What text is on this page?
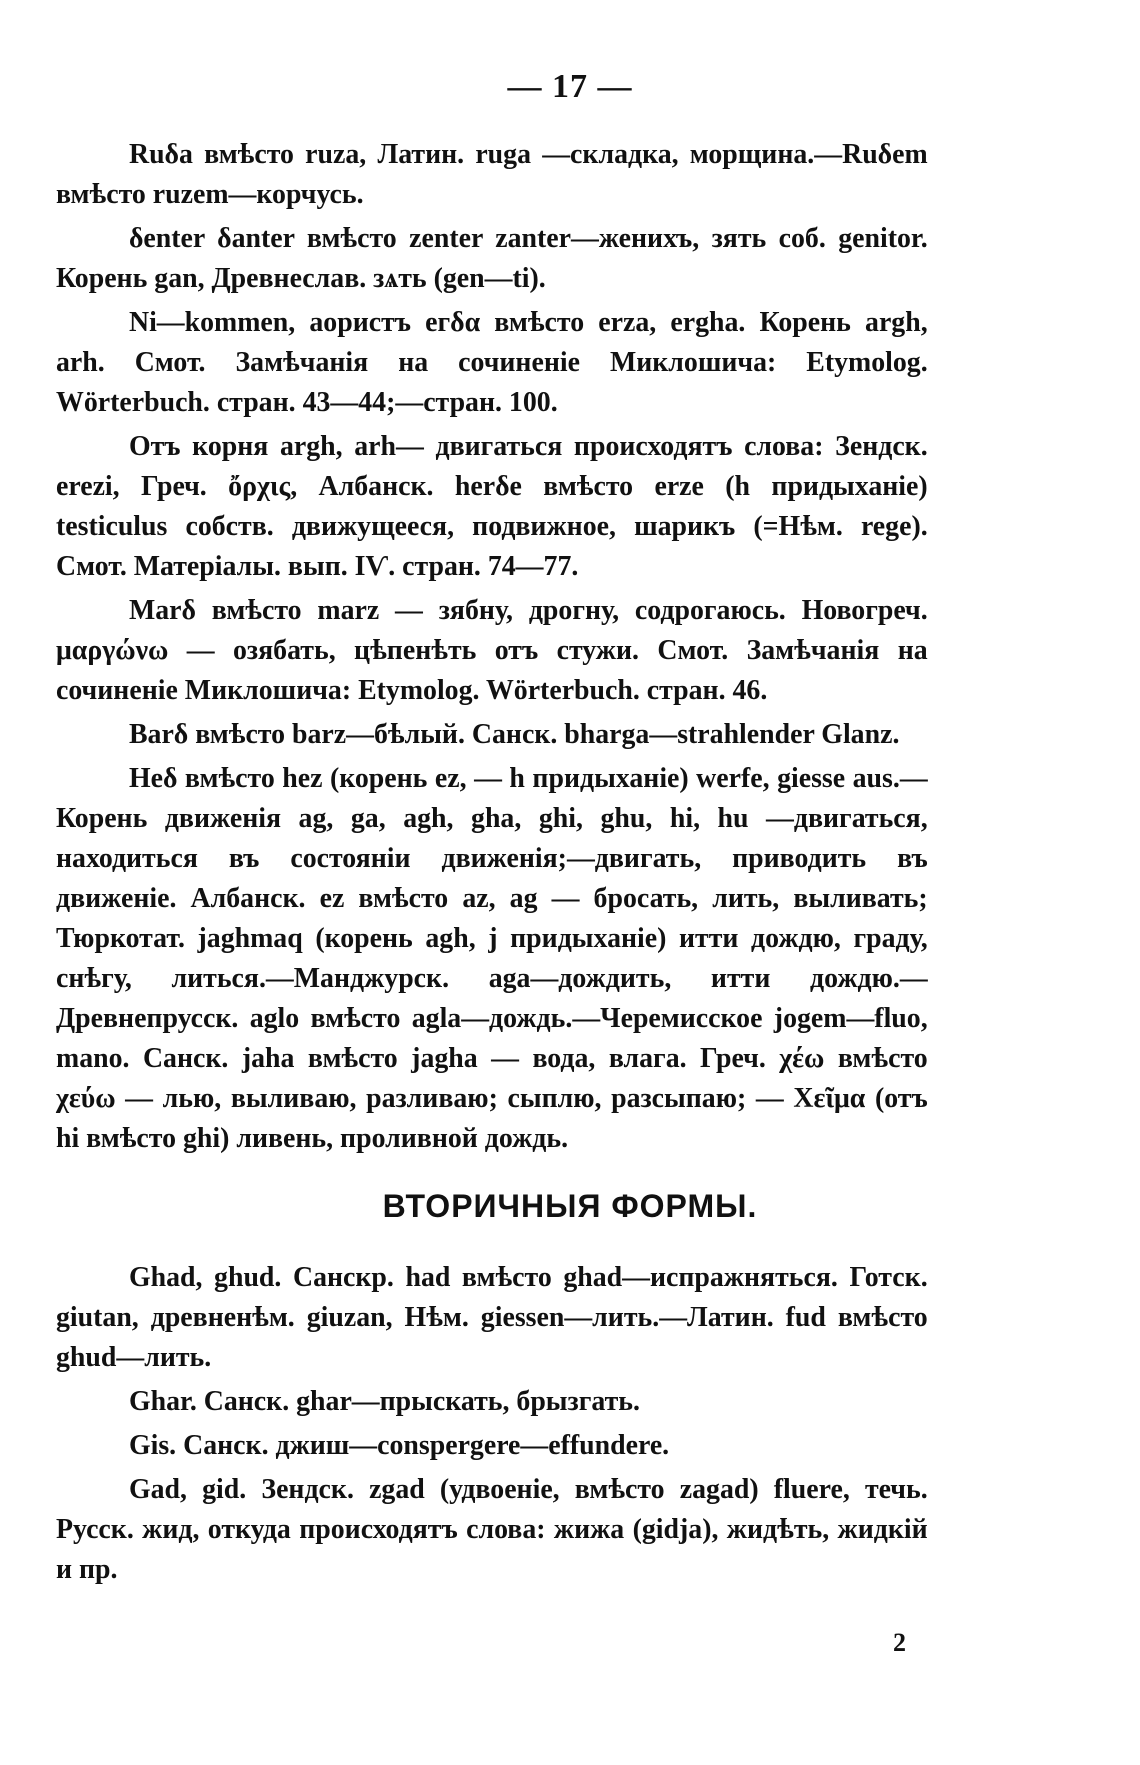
— 17 —

Ruδa вмѣсто ruza, Латин. ruga —складка, морщина.—Ruδem вмѣсто ruzem—корчусь.

δenter δanter вмѣсто zenter zanter—женихъ, зять соб. genitor. Корень gan, Древнеслав. зѧть (gen—ti).

Ni—kommen, аористъ егδα вмѣсто erza, ergha. Корень argh, arh. Смот. Замѣчанія на сочиненіе Миклошича: Etymolog. Wörterbuch. стран. 43—44;—стран. 100.

Отъ корня argh, arh— двигаться происходятъ слова: Зендск. erezi, Греч. ὄρχις, Албанск. herδe вмѣсто erze (h придыханіе) testiculus собств. движущееся, подвижное, шарикъ (=Нѣм. rege). Смот. Матеріалы. вып. IѴ. стран. 74—77.

Marδ вмѣсто marz — зябну, дрогну, содрогаюсь. Новогреч. μαργώνω — озябать, цѣпенѣть отъ стужи. Смот. Замѣчанія на сочиненіе Миклошича: Etymolog. Wörterbuch. стран. 46.

Barδ вмѣсто barz—бѣлый. Санск. bharga—strahlender Glanz.

Heδ вмѣсто hez (корень ez, — h придыханіе) werfe, giesse aus.—Корень движенія ag, ga, agh, gha, ghi, ghu, hi, hu —двигаться, находиться въ состояніи движенія;—двигать, приводить въ движеніе. Албанск. ez вмѣсто az, ag — бросать, лить, выливать; Тюркотат. jaghmaq (корень agh, j придыханіе) итти дождю, граду, снѣгу, литься.—Манджурск. aga—дождить, итти дождю.—Древнепрусск. aglo вмѣсто agla—дождь.—Черемисское jogem—fluo, mano. Санск. jaha вмѣсто jagha — вода, влага. Греч. χέω вмѣсто χεύω — лью, выливаю, разливаю; сыплю, разсыпаю; — Χεῖμα (отъ hi вмѣсто ghi) ливень, проливной дождь.

ВТОРИЧНЫЯ ФОРМЫ.

Ghad, ghud. Санскр. had вмѣсто ghad—испражняться. Готск. giutan, древненѣм. giuzan, Нѣм. giessen—лить.—Латин. fud вмѣсто ghud—лить.

Ghar. Санск. ghar—прыскать, брызгать.

Gis. Санск. джиш—conspergere—effundere.

Gad, gid. Зендск. zgad (удвоеніе, вмѣсто zagad) fluere, течь. Русск. жид, откуда происходятъ слова: жижа (gidja), жидѣть, жидкій и пр.

2
